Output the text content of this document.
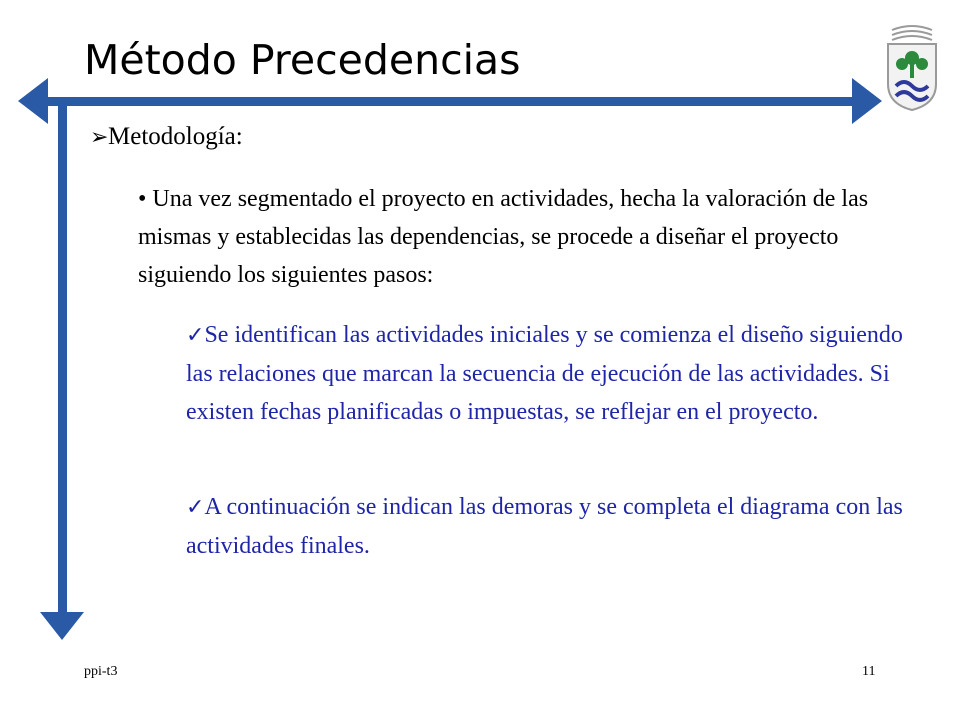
Método Precedencias
➢Metodología:
• Una vez segmentado el proyecto en actividades, hecha la valoración de las mismas y establecidas las dependencias, se procede a diseñar el proyecto siguiendo los siguientes pasos:
✓Se identifican las actividades iniciales y se comienza el diseño siguiendo las relaciones que marcan la secuencia de ejecución de las actividades. Si existen fechas planificadas o impuestas, se reflejar en el proyecto.
✓A continuación se indican las demoras y se completa el diagrama con las actividades finales.
ppi-t3	11
